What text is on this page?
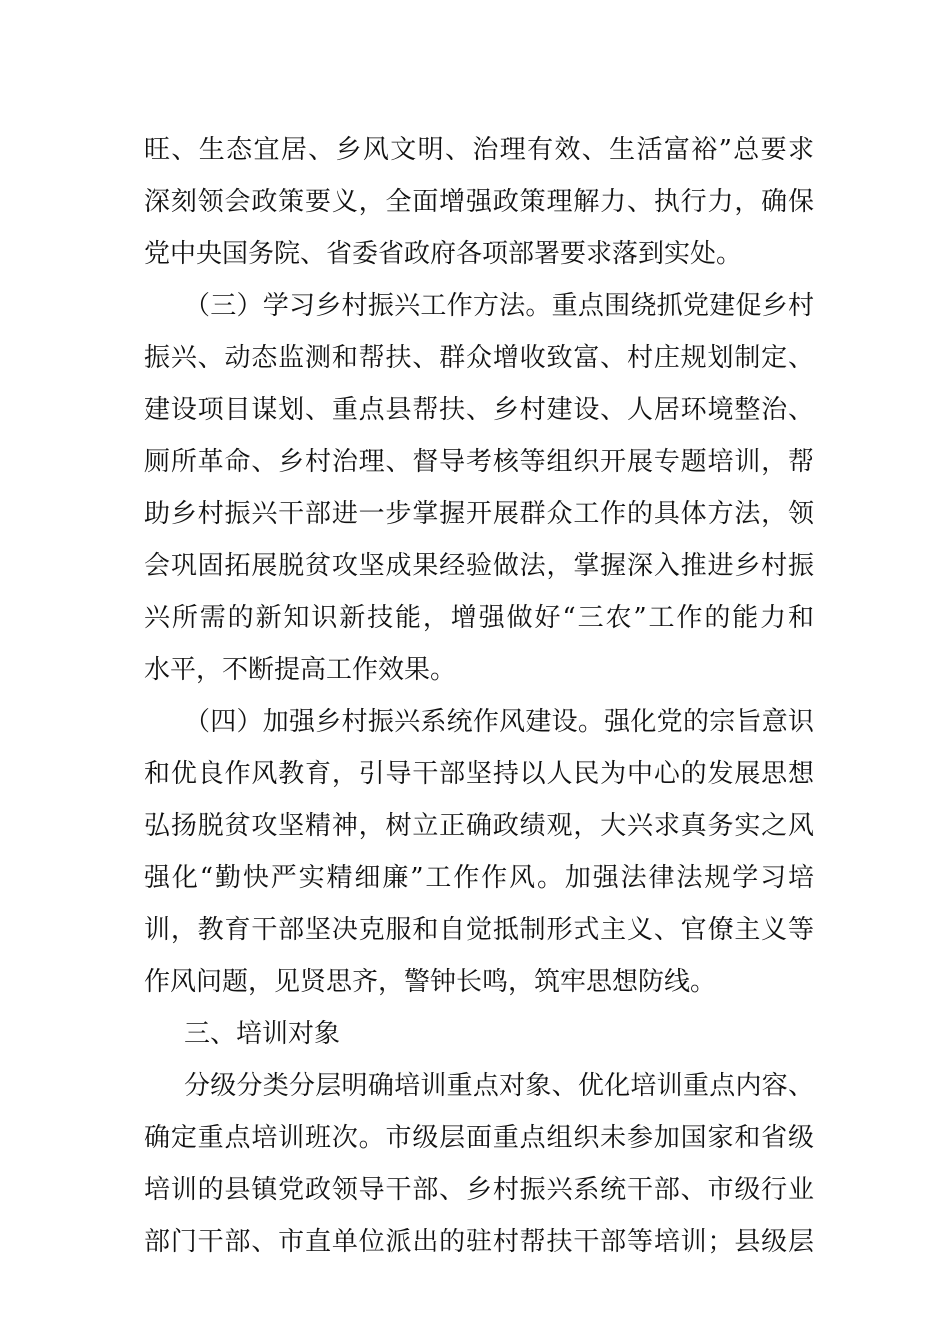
旺、生态宜居、乡风文明、治理有效、生活富裕”总要求
深刻领会政策要义，全面增强政策理解力、执行力，确保
党中央国务院、省委省政府各项部署要求落到实处。
（三）学习乡村振兴工作方法。重点围绕抓党建促乡村
振兴、动态监测和帮扶、群众增收致富、村庄规划制定、
建设项目谋划、重点县帮扶、乡村建设、人居环境整治、
厕所革命、乡村治理、督导考核等组织开展专题培训，帮
助乡村振兴干部进一步掌握开展群众工作的具体方法，领
会巩固拓展脱贫攻坚成果经验做法，掌握深入推进乡村振
兴所需的新知识新技能，增强做好“三农”工作的能力和
水平，不断提高工作效果。
（四）加强乡村振兴系统作风建设。强化党的宗旨意识
和优良作风教育，引导干部坚持以人民为中心的发展思想
弘扬脱贫攻坚精神，树立正确政绩观，大兴求真务实之风
强化“勤快严实精细廉”工作作风。加强法律法规学习培
训，教育干部坚决克服和自觉抵制形式主义、官僚主义等
作风问题，见贤思齐，警钟长鸣，筑牢思想防线。
三、培训对象
分级分类分层明确培训重点对象、优化培训重点内容、
确定重点培训班次。市级层面重点组织未参加国家和省级
培训的县镇党政领导干部、乡村振兴系统干部、市级行业
部门干部、市直单位派出的驻村帮扶干部等培训；县级层
